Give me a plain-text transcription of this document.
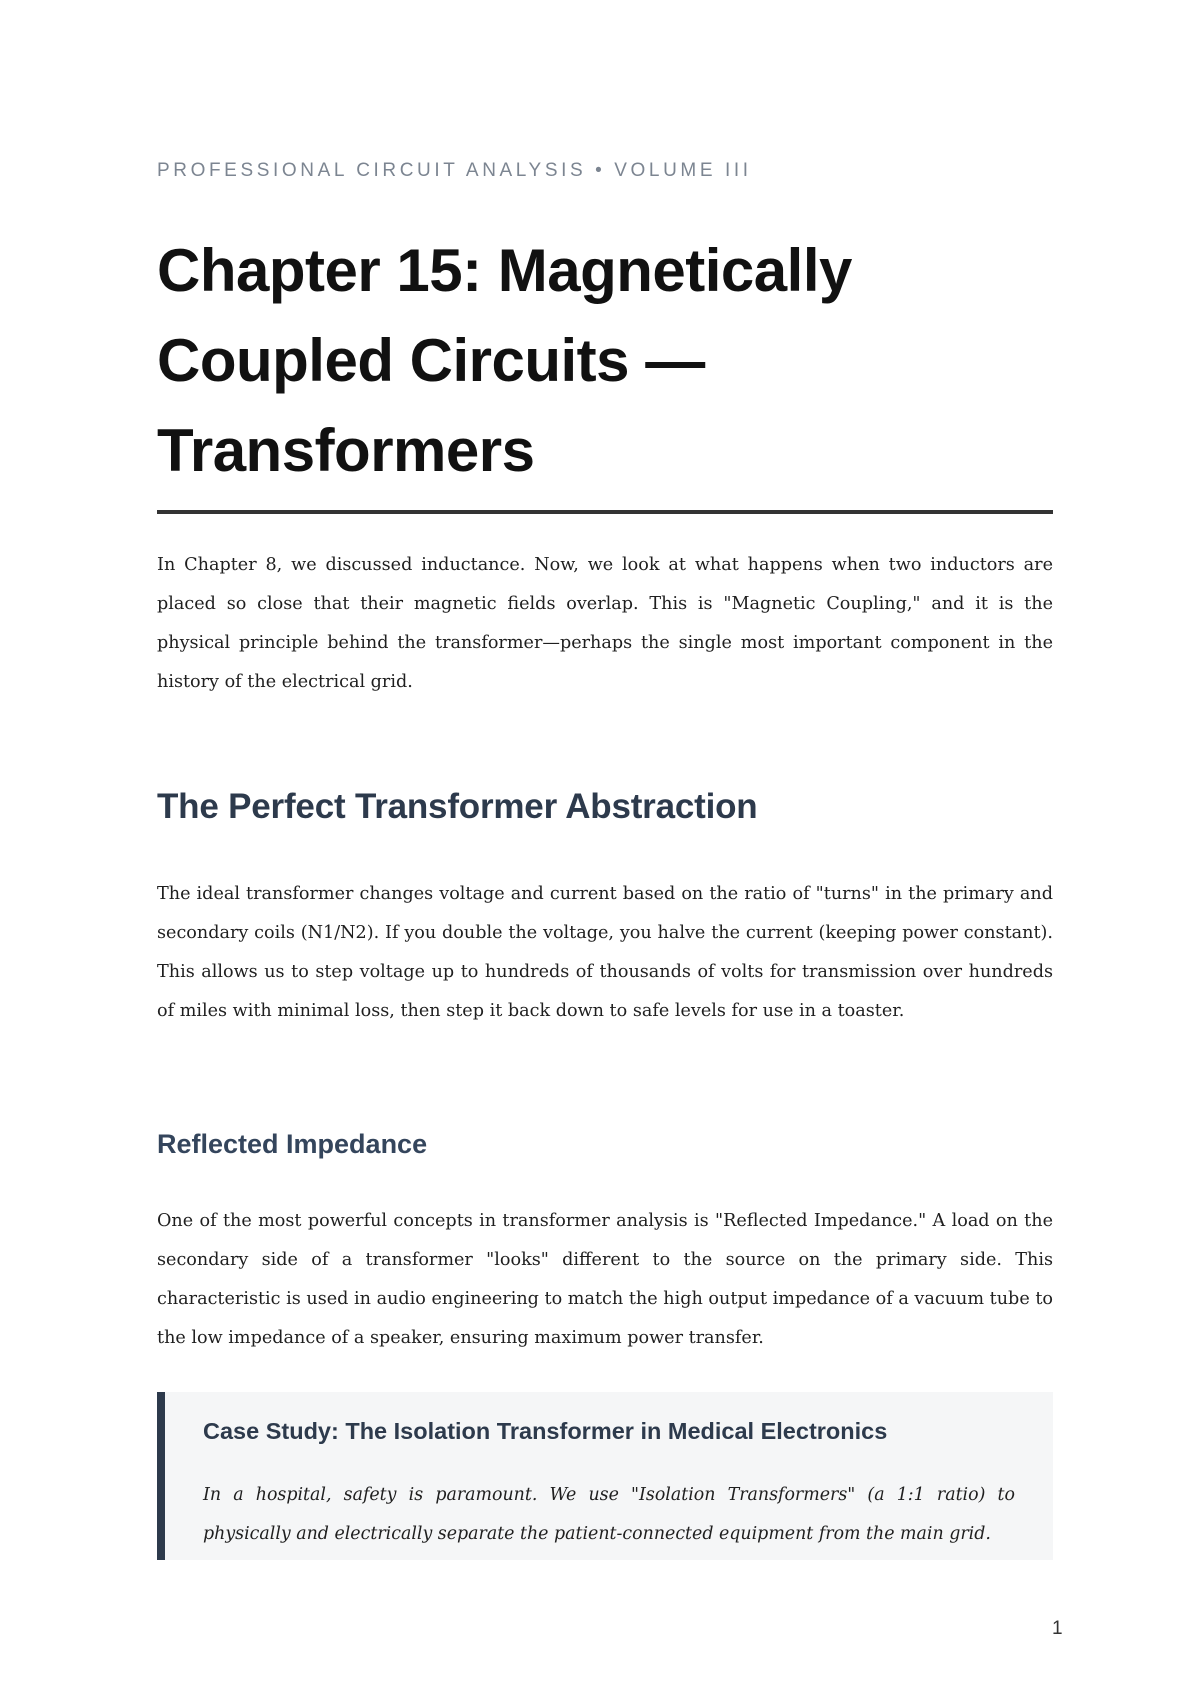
PROFESSIONAL CIRCUIT ANALYSIS • VOLUME III
Chapter 15: Magnetically Coupled Circuits — Transformers

In Chapter 8, we discussed inductance. Now, we look at what happens when two inductors are placed so close that their magnetic fields overlap. This is "Magnetic Coupling," and it is the physical principle behind the transformer—perhaps the single most important component in the history of the electrical grid.

The Perfect Transformer Abstraction

The ideal transformer changes voltage and current based on the ratio of "turns" in the primary and secondary coils (N1/N2). If you double the voltage, you halve the current (keeping power constant). This allows us to step voltage up to hundreds of thousands of volts for transmission over hundreds of miles with minimal loss, then step it back down to safe levels for use in a toaster.

Reflected Impedance

One of the most powerful concepts in transformer analysis is "Reflected Impedance." A load on the secondary side of a transformer "looks" different to the source on the primary side. This characteristic is used in audio engineering to match the high output impedance of a vacuum tube to the low impedance of a speaker, ensuring maximum power transfer.

Case Study: The Isolation Transformer in Medical Electronics

In a hospital, safety is paramount. We use "Isolation Transformers" (a 1:1 ratio) to physically and electrically separate the patient-connected equipment from the main grid.

1
